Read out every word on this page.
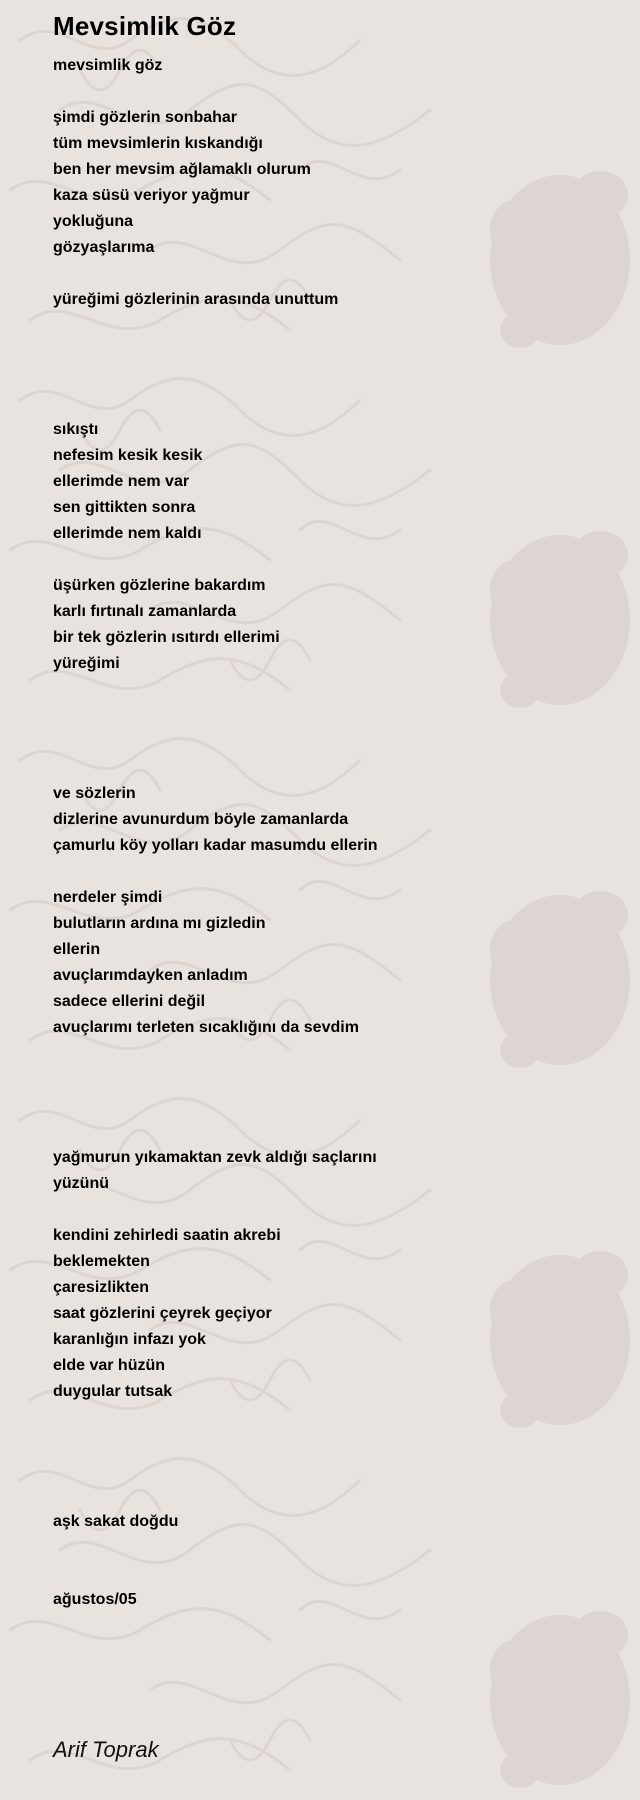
Mevsimlik Göz
mevsimlik göz
şimdi gözlerin sonbahar
tüm mevsimlerin kıskandığı
ben her mevsim ağlamaklı olurum
kaza süsü veriyor yağmur
yokluğuna
gözyaşlarıma
yüreğimi gözlerinin arasında unuttum
sıkıştı
nefesim kesik kesik
ellerimde nem var
sen gittikten sonra
ellerimde nem kaldı
üşürken gözlerine bakardım
karlı fırtınalı zamanlarda
bir tek gözlerin ısıtırdı ellerimi
yüreğimi
ve sözlerin
dizlerine avunurdum böyle zamanlarda
çamurlu köy yolları kadar masumdu ellerin
nerdeler şimdi
bulutların ardına mı gizledin
ellerin
avuçlarımdayken anladım
sadece ellerini değil
avuçlarımı terleten sıcaklığını da sevdim
yağmurun yıkamaktan zevk aldığı saçlarını
yüzünü
kendini zehirledi saatin akrebi
beklemekten
çaresizlikten
saat gözlerini çeyrek geçiyor
karanlığın infazı yok
elde var hüzün
duygular tutsak
aşk sakat doğdu
ağustos/05
Arif Toprak
